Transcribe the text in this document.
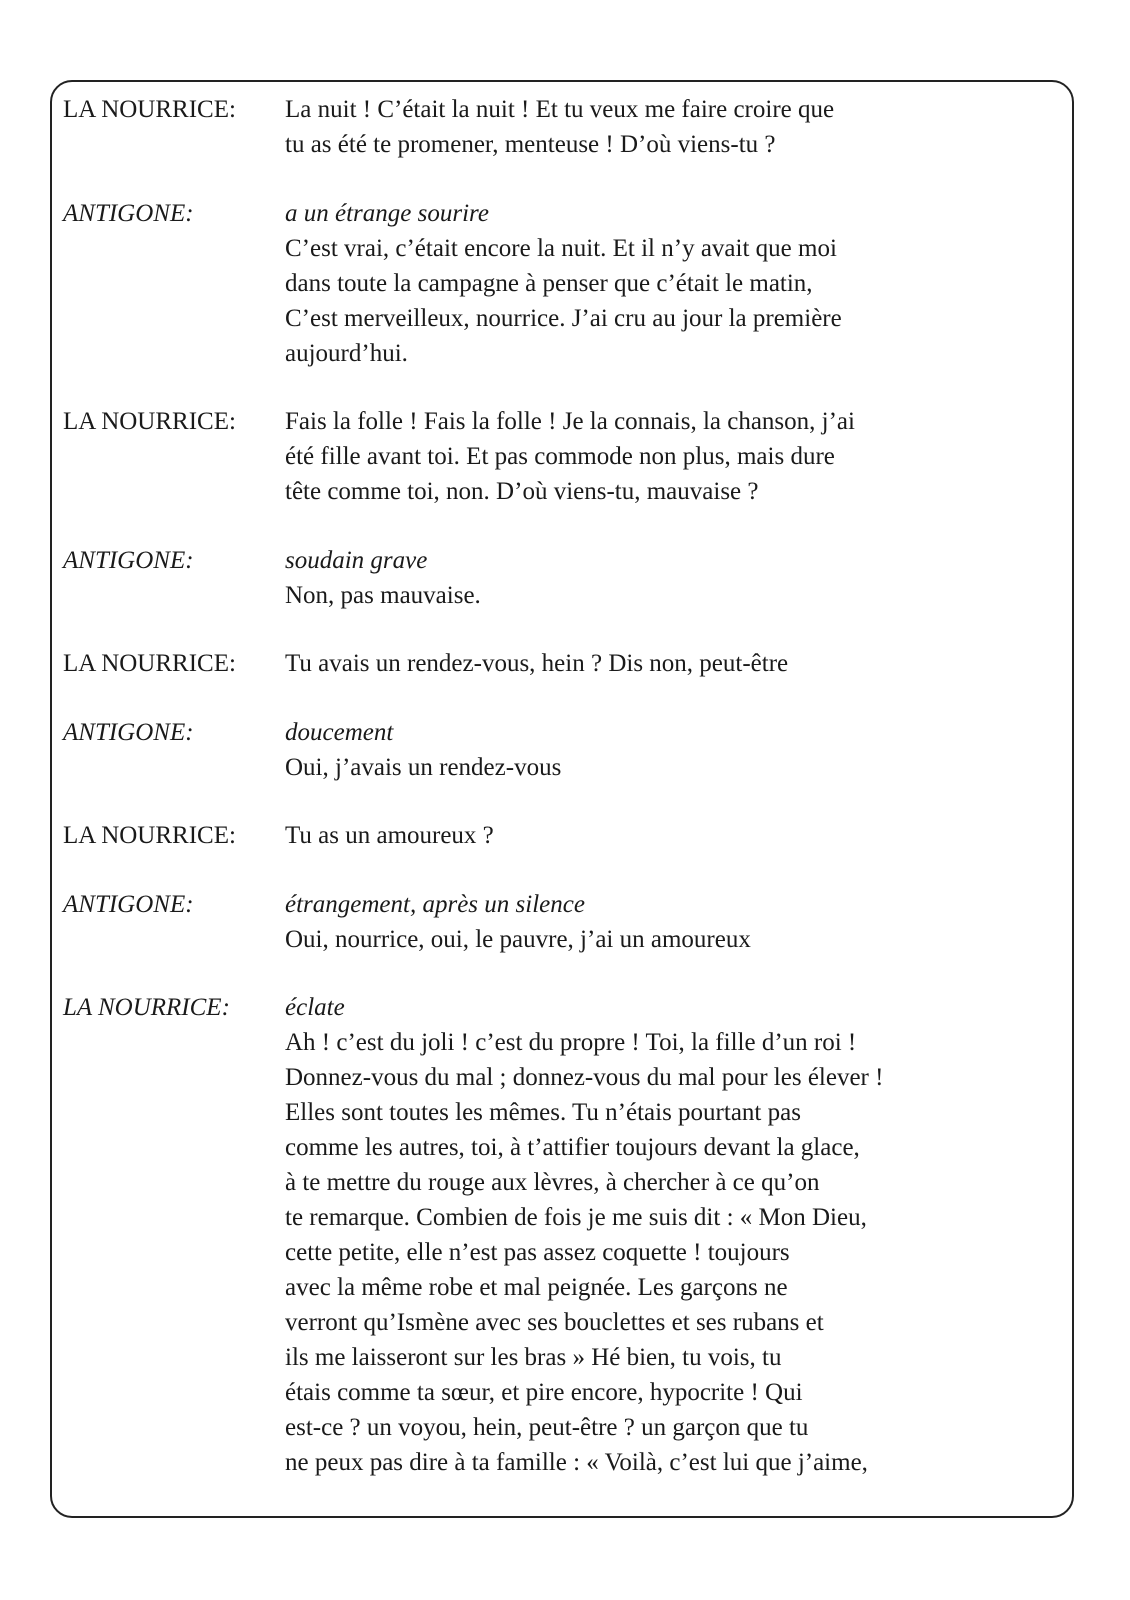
LA NOURRICE:	La nuit ! C’était la nuit ! Et tu veux me faire croire que
tu as été te promener, menteuse ! D’où viens-tu ?
ANTIGONE:	a un étrange sourire
C’est vrai, c’était encore la nuit. Et il n’y avait que moi
dans toute la campagne à penser que c’était le matin,
C’est merveilleux, nourrice. J’ai cru au jour la première
aujourd’hui.
LA NOURRICE:	Fais la folle ! Fais la folle ! Je la connais, la chanson, j’ai
été fille avant toi. Et pas commode non plus, mais dure
tête comme toi, non. D’où viens-tu, mauvaise ?
ANTIGONE:	soudain grave
Non, pas mauvaise.
LA NOURRICE:	Tu avais un rendez-vous, hein ? Dis non, peut-être
ANTIGONE:	doucement
Oui, j’avais un rendez-vous
LA NOURRICE:	Tu as un amoureux ?
ANTIGONE:	étrangement, après un silence
Oui, nourrice, oui, le pauvre, j’ai un amoureux
LA NOURRICE:	éclate
Ah ! c’est du joli ! c’est du propre ! Toi, la fille d’un roi !
Donnez-vous du mal ; donnez-vous du mal pour les élever !
Elles sont toutes les mêmes. Tu n’étais pourtant pas
comme les autres, toi, à t’attifier toujours devant la glace,
à te mettre du rouge aux lèvres, à chercher à ce qu’on
te remarque. Combien de fois je me suis dit : « Mon Dieu,
cette petite, elle n’est pas assez coquette ! toujours
avec la même robe et mal peignée. Les garçons ne
verront qu’Ismène avec ses bouclettes et ses rubans et
ils me laisseront sur les bras » Hé bien, tu vois, tu
étais comme ta sœur, et pire encore, hypocrite ! Qui
est-ce ? un voyou, hein, peut-être ? un garçon que tu
ne peux pas dire à ta famille : « Voilà, c’est lui que j’aime,
